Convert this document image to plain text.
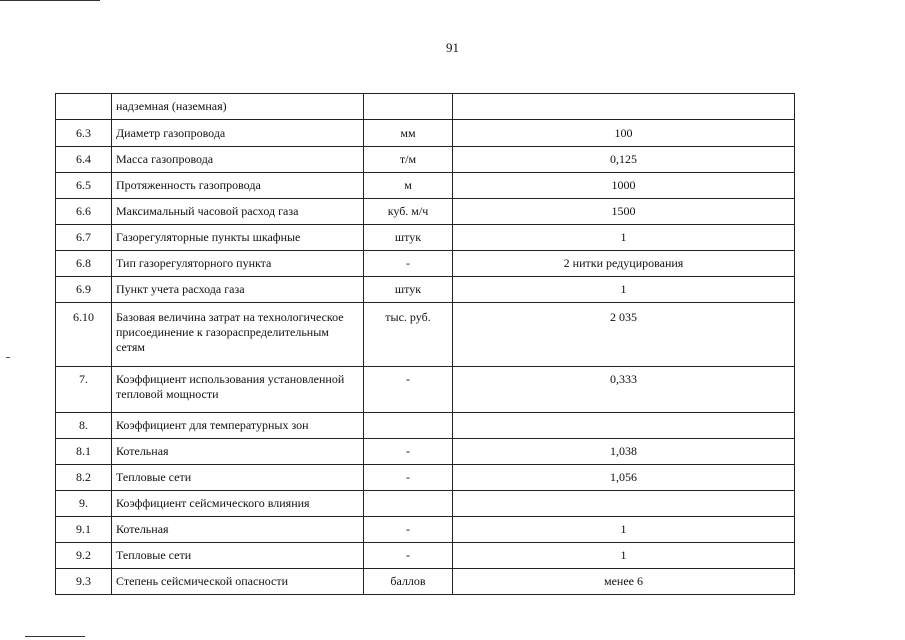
91
	надземная (наземная)		
6.3	Диаметр газопровода	мм	100
6.4	Масса газопровода	т/м	0,125
6.5	Протяженность газопровода	м	1000
6.6	Максимальный часовой расход газа	куб. м/ч	1500
6.7	Газорегуляторные пункты шкафные	штук	1
6.8	Тип газорегуляторного пункта	-	2 нитки редуцирования
6.9	Пункт учета расхода газа	штук	1
6.10	Базовая величина затрат на технологическое присоединение к газораспределительным сетям	тыс. руб.	2 035
7.	Коэффициент использования установленной тепловой мощности	-	0,333
8.	Коэффициент для температурных зон		
8.1	Котельная	-	1,038
8.2	Тепловые сети	-	1,056
9.	Коэффициент сейсмического влияния		
9.1	Котельная	-	1
9.2	Тепловые сети	-	1
9.3	Степень сейсмической опасности	баллов	менее 6
